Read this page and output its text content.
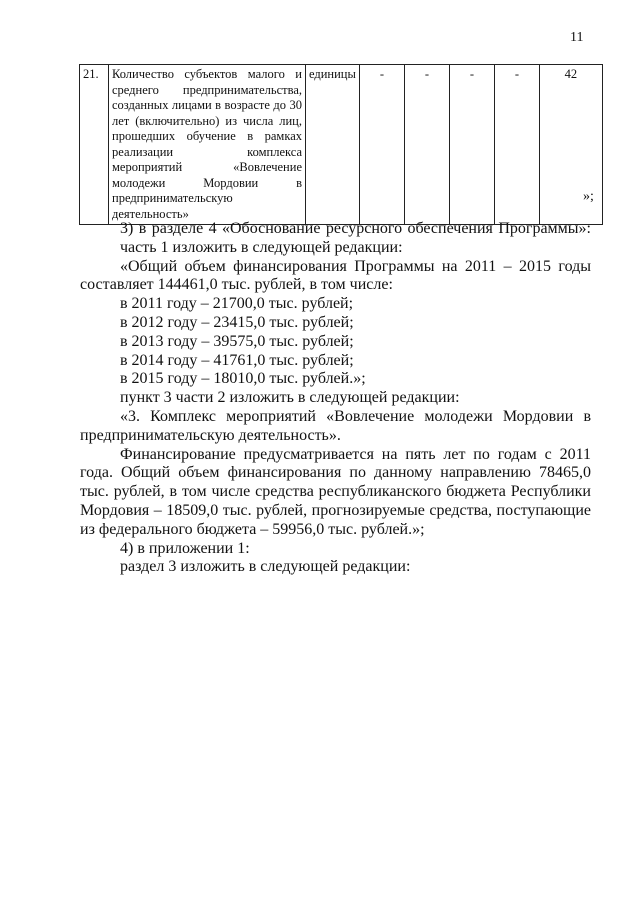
11
21.	Количество субъектов малого и среднего предпринимательства, созданных лицами в возрасте до 30 лет (включительно) из числа лиц, прошедших обучение в рамках реализации комплекса мероприятий «Вовлечение молодежи Мордовии в предпринимательскую деятельность»	единицы	-	-	-	-	42
»;

3) в разделе 4 «Обоснование ресурсного обеспечения Программы»:

часть 1 изложить в следующей редакции:

«Общий объем финансирования Программы на 2011 – 2015 годы составляет 144461,0 тыс. рублей, в том числе:

в 2011 году – 21700,0 тыс. рублей;

в 2012 году – 23415,0 тыс. рублей;

в 2013 году – 39575,0 тыс. рублей;

в 2014 году – 41761,0 тыс. рублей;

в 2015 году – 18010,0 тыс. рублей.»;

пункт 3 части 2 изложить в следующей редакции:

«3. Комплекс мероприятий «Вовлечение молодежи Мордовии в предпринимательскую деятельность».

Финансирование предусматривается на пять лет по годам с 2011 года. Общий объем финансирования по данному направлению 78465,0 тыс. рублей, в том числе средства республиканского бюджета Республики Мордовия – 18509,0 тыс. рублей, прогнозируемые средства, поступающие из федерального бюджета – 59956,0 тыс. рублей.»;

4) в приложении 1:

раздел 3 изложить в следующей редакции:
